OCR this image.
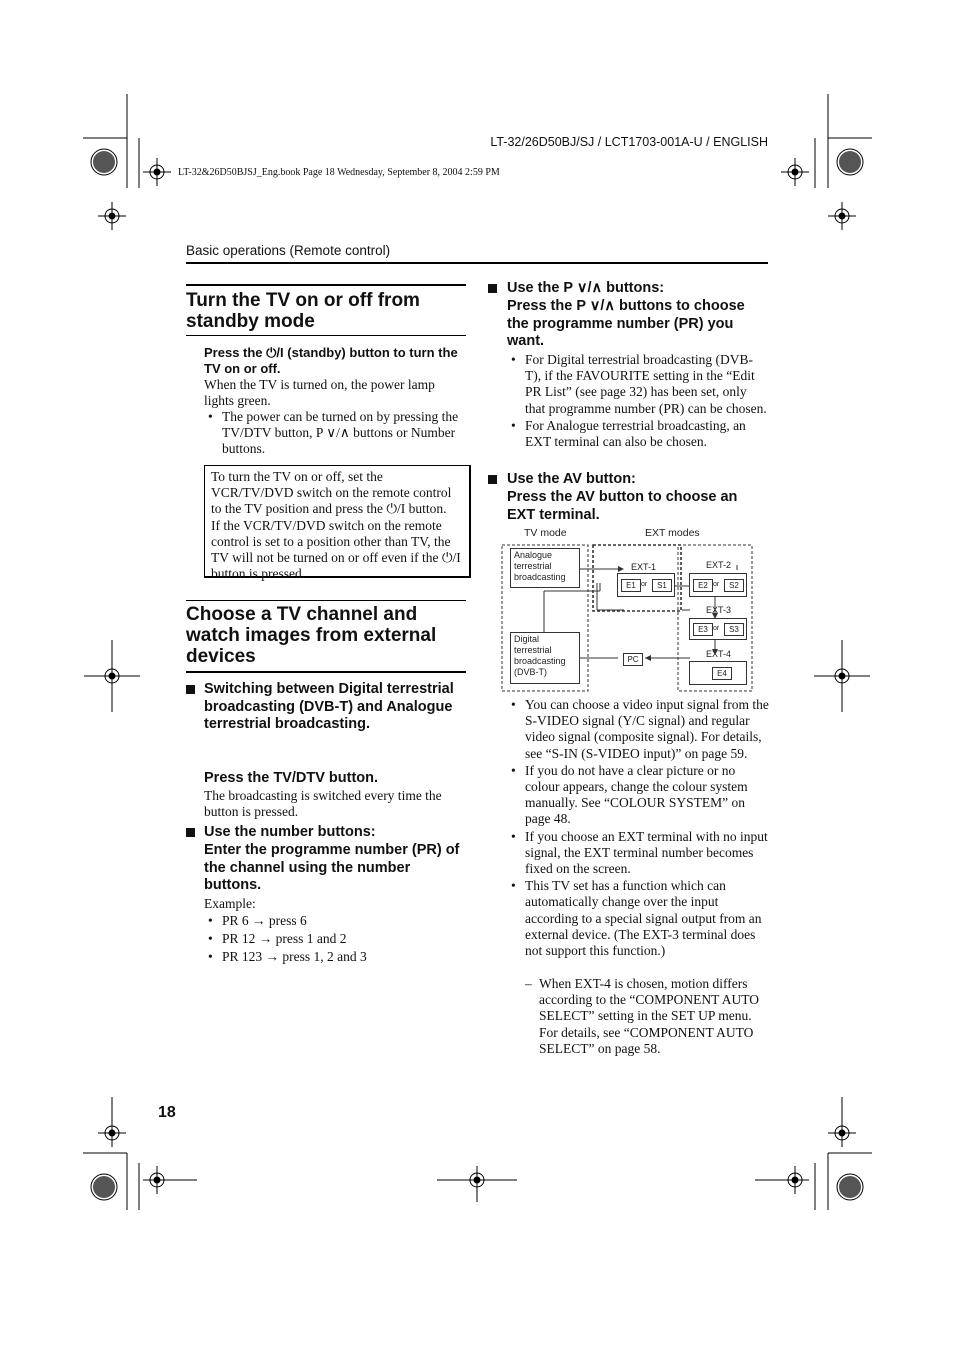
LT-32/26D50BJ/SJ / LCT1703-001A-U / ENGLISH
LT-32&26D50BJSJ_Eng.book Page 18 Wednesday, September 8, 2004 2:59 PM
Basic operations (Remote control)
Turn the TV on or off from standby mode
Press the ⏻/I (standby) button to turn the TV on or off.
When the TV is turned on, the power lamp lights green.
• The power can be turned on by pressing the TV/DTV button, P ∨/∧ buttons or Number buttons.
To turn the TV on or off, set the VCR/TV/DVD switch on the remote control to the TV position and press the ⏻/I button.
If the VCR/TV/DVD switch on the remote control is set to a position other than TV, the TV will not be turned on or off even if the ⏻/I button is pressed.
Choose a TV channel and watch images from external devices
Switching between Digital terrestrial broadcasting (DVB-T) and Analogue terrestrial broadcasting.
Press the TV/DTV button.
The broadcasting is switched every time the button is pressed.
Use the number buttons:
Enter the programme number (PR) of the channel using the number buttons.
Example:
• PR 6 → press 6
• PR 12 → press 1 and 2
• PR 123 → press 1, 2 and 3
Use the P ∨/∧ buttons:
Press the P ∨/∧ buttons to choose the programme number (PR) you want.
• For Digital terrestrial broadcasting (DVB-T), if the FAVOURITE setting in the “Edit PR List” (see page 32) has been set, only that programme number (PR) can be chosen.
• For Analogue terrestrial broadcasting, an EXT terminal can also be chosen.
Use the AV button:
Press the AV button to choose an EXT terminal.
TV mode	EXT modes
Analogue terrestrial broadcasting
Digital terrestrial broadcasting (DVB-T)
EXT-1
E1 or	S1
EXT-2
E2 or	S2
EXT-3
E3 or	S3
EXT-4
E4
PC
• You can choose a video input signal from the S-VIDEO signal (Y/C signal) and regular video signal (composite signal). For details, see “S-IN (S-VIDEO input)” on page 59.
• If you do not have a clear picture or no colour appears, change the colour system manually. See “COLOUR SYSTEM” on page 48.
• If you choose an EXT terminal with no input signal, the EXT terminal number becomes fixed on the screen.
• This TV set has a function which can automatically change over the input according to a special signal output from an external device. (The EXT-3 terminal does not support this function.)
– When EXT-4 is chosen, motion differs according to the “COMPONENT AUTO SELECT” setting in the SET UP menu.
For details, see “COMPONENT AUTO SELECT” on page 58.
18
